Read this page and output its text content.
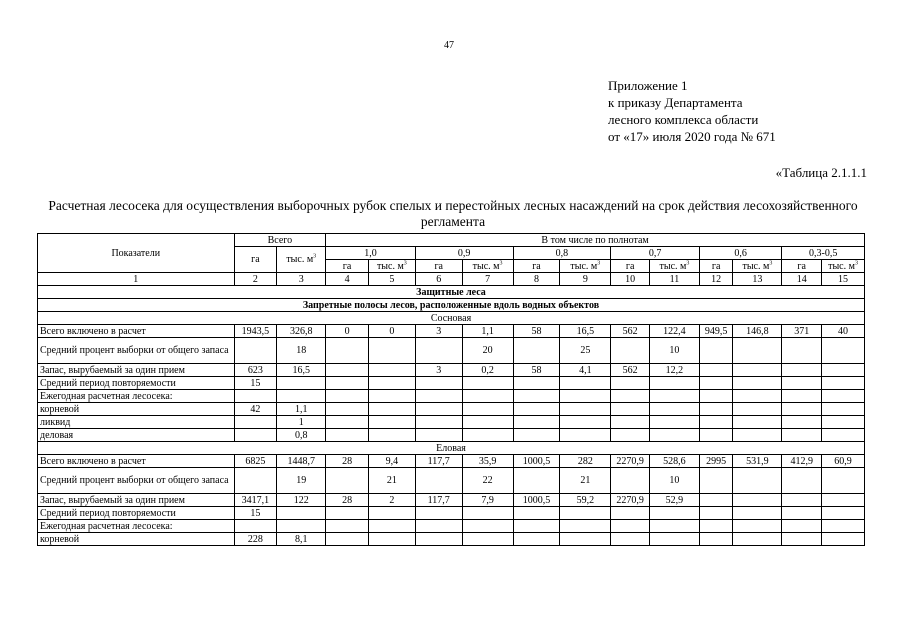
47
Приложение 1
к приказу Департамента
лесного комплекса области
от «17» июля 2020 года № 671
«Таблица 2.1.1.1
Расчетная лесосека для осуществления выборочных рубок спелых и перестойных лесных насаждений на срок действия лесохозяйственного регламента
Показатели	Всего		В том числе по полнотам											
	га	тыс. $м^3$	1,0		0,9		0,8		0,7		0,6		0,3-0,5	
			га	тыс. $м^3$	га	тыс. $м^3$	га	тыс. $м^3$	га	тыс. $м^3$	га	тыс. $м^3$	га	тыс. $м^3$
1	2	3	4	5	6	7	8	9	10	11	12	13	14	15
Защитные леса														
Запретные полосы лесов, расположенные вдоль водных объектов														
Сосновая														
Всего включено в расчет	1943,5	326,8	0	0	3	1,1	58	16,5	562	122,4	949,5	146,8	371	40
Средний процент выборки от общего запаса		18				20		25		10				
Запас, вырубаемый за один прием	623	16,5			3	0,2	58	4,1	562	12,2				
Средний период повторяемости	15													
Ежегодная расчетная лесосека:														
корневой	42	1,1												
ликвид		1												
деловая		0,8												
Еловая														
Всего включено в расчет	6825	1448,7	28	9,4	117,7	35,9	1000,5	282	2270,9	528,6	2995	531,9	412,9	60,9
Средний процент выборки от общего запаса		19		21		22		21		10				
Запас, вырубаемый за один прием	3417,1	122	28	2	117,7	7,9	1000,5	59,2	2270,9	52,9				
Средний период повторяемости	15													
Ежегодная расчетная лесосека:														
корневой	228	8,1												
